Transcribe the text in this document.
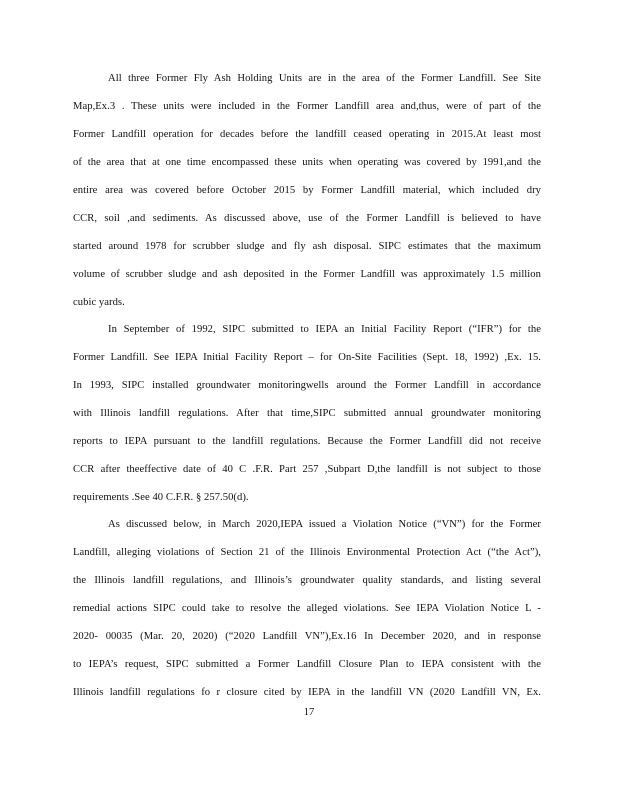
All three Former Fly Ash Holding Units are in the area of the Former Landfill. See Site
Map,Ex.3 . These units were included in the Former Landfill area and,thus, were of part of the
Former Landfill operation for decades before the landfill ceased operating in 2015.At least most
of the area that at one time encompassed these units when operating was covered by 1991,and the
entire area was covered before October 2015 by Former Landfill material, which included dry
CCR, soil ,and sediments. As discussed above, use of the Former Landfill is believed to have
started around 1978 for scrubber sludge and fly ash disposal. SIPC estimates that the maximum
volume of scrubber sludge and ash deposited in the Former Landfill was approximately 1.5 million
cubic yards.
In September of 1992, SIPC submitted to IEPA an Initial Facility Report (“IFR”) for the
Former Landfill. See IEPA Initial Facility Report – for On-Site Facilities (Sept. 18, 1992) ,Ex. 15.
In 1993, SIPC installed groundwater monitoringwells around the Former Landfill in accordance
with Illinois landfill regulations. After that time,SIPC submitted annual groundwater monitoring
reports to IEPA pursuant to the landfill regulations. Because the Former Landfill did not receive
CCR after theeffective date of 40 C .F.R. Part 257 ,Subpart D,the landfill is not subject to those
requirements .See 40 C.F.R. § 257.50(d).
As discussed below, in March 2020,IEPA issued a Violation Notice (“VN”) for the Former
Landfill, alleging violations of Section 21 of the Illinois Environmental Protection Act (“the Act”),
the Illinois landfill regulations, and Illinois’s groundwater quality standards, and listing several
remedial actions SIPC could take to resolve the alleged violations. See IEPA Violation Notice L -
2020- 00035 (Mar. 20, 2020) (“2020 Landfill VN”),Ex.16 In December 2020, and in response
to IEPA’s request, SIPC submitted a Former Landfill Closure Plan to IEPA consistent with the
Illinois landfill regulations fo r closure cited by IEPA in the landfill VN (2020 Landfill VN, Ex.
17
